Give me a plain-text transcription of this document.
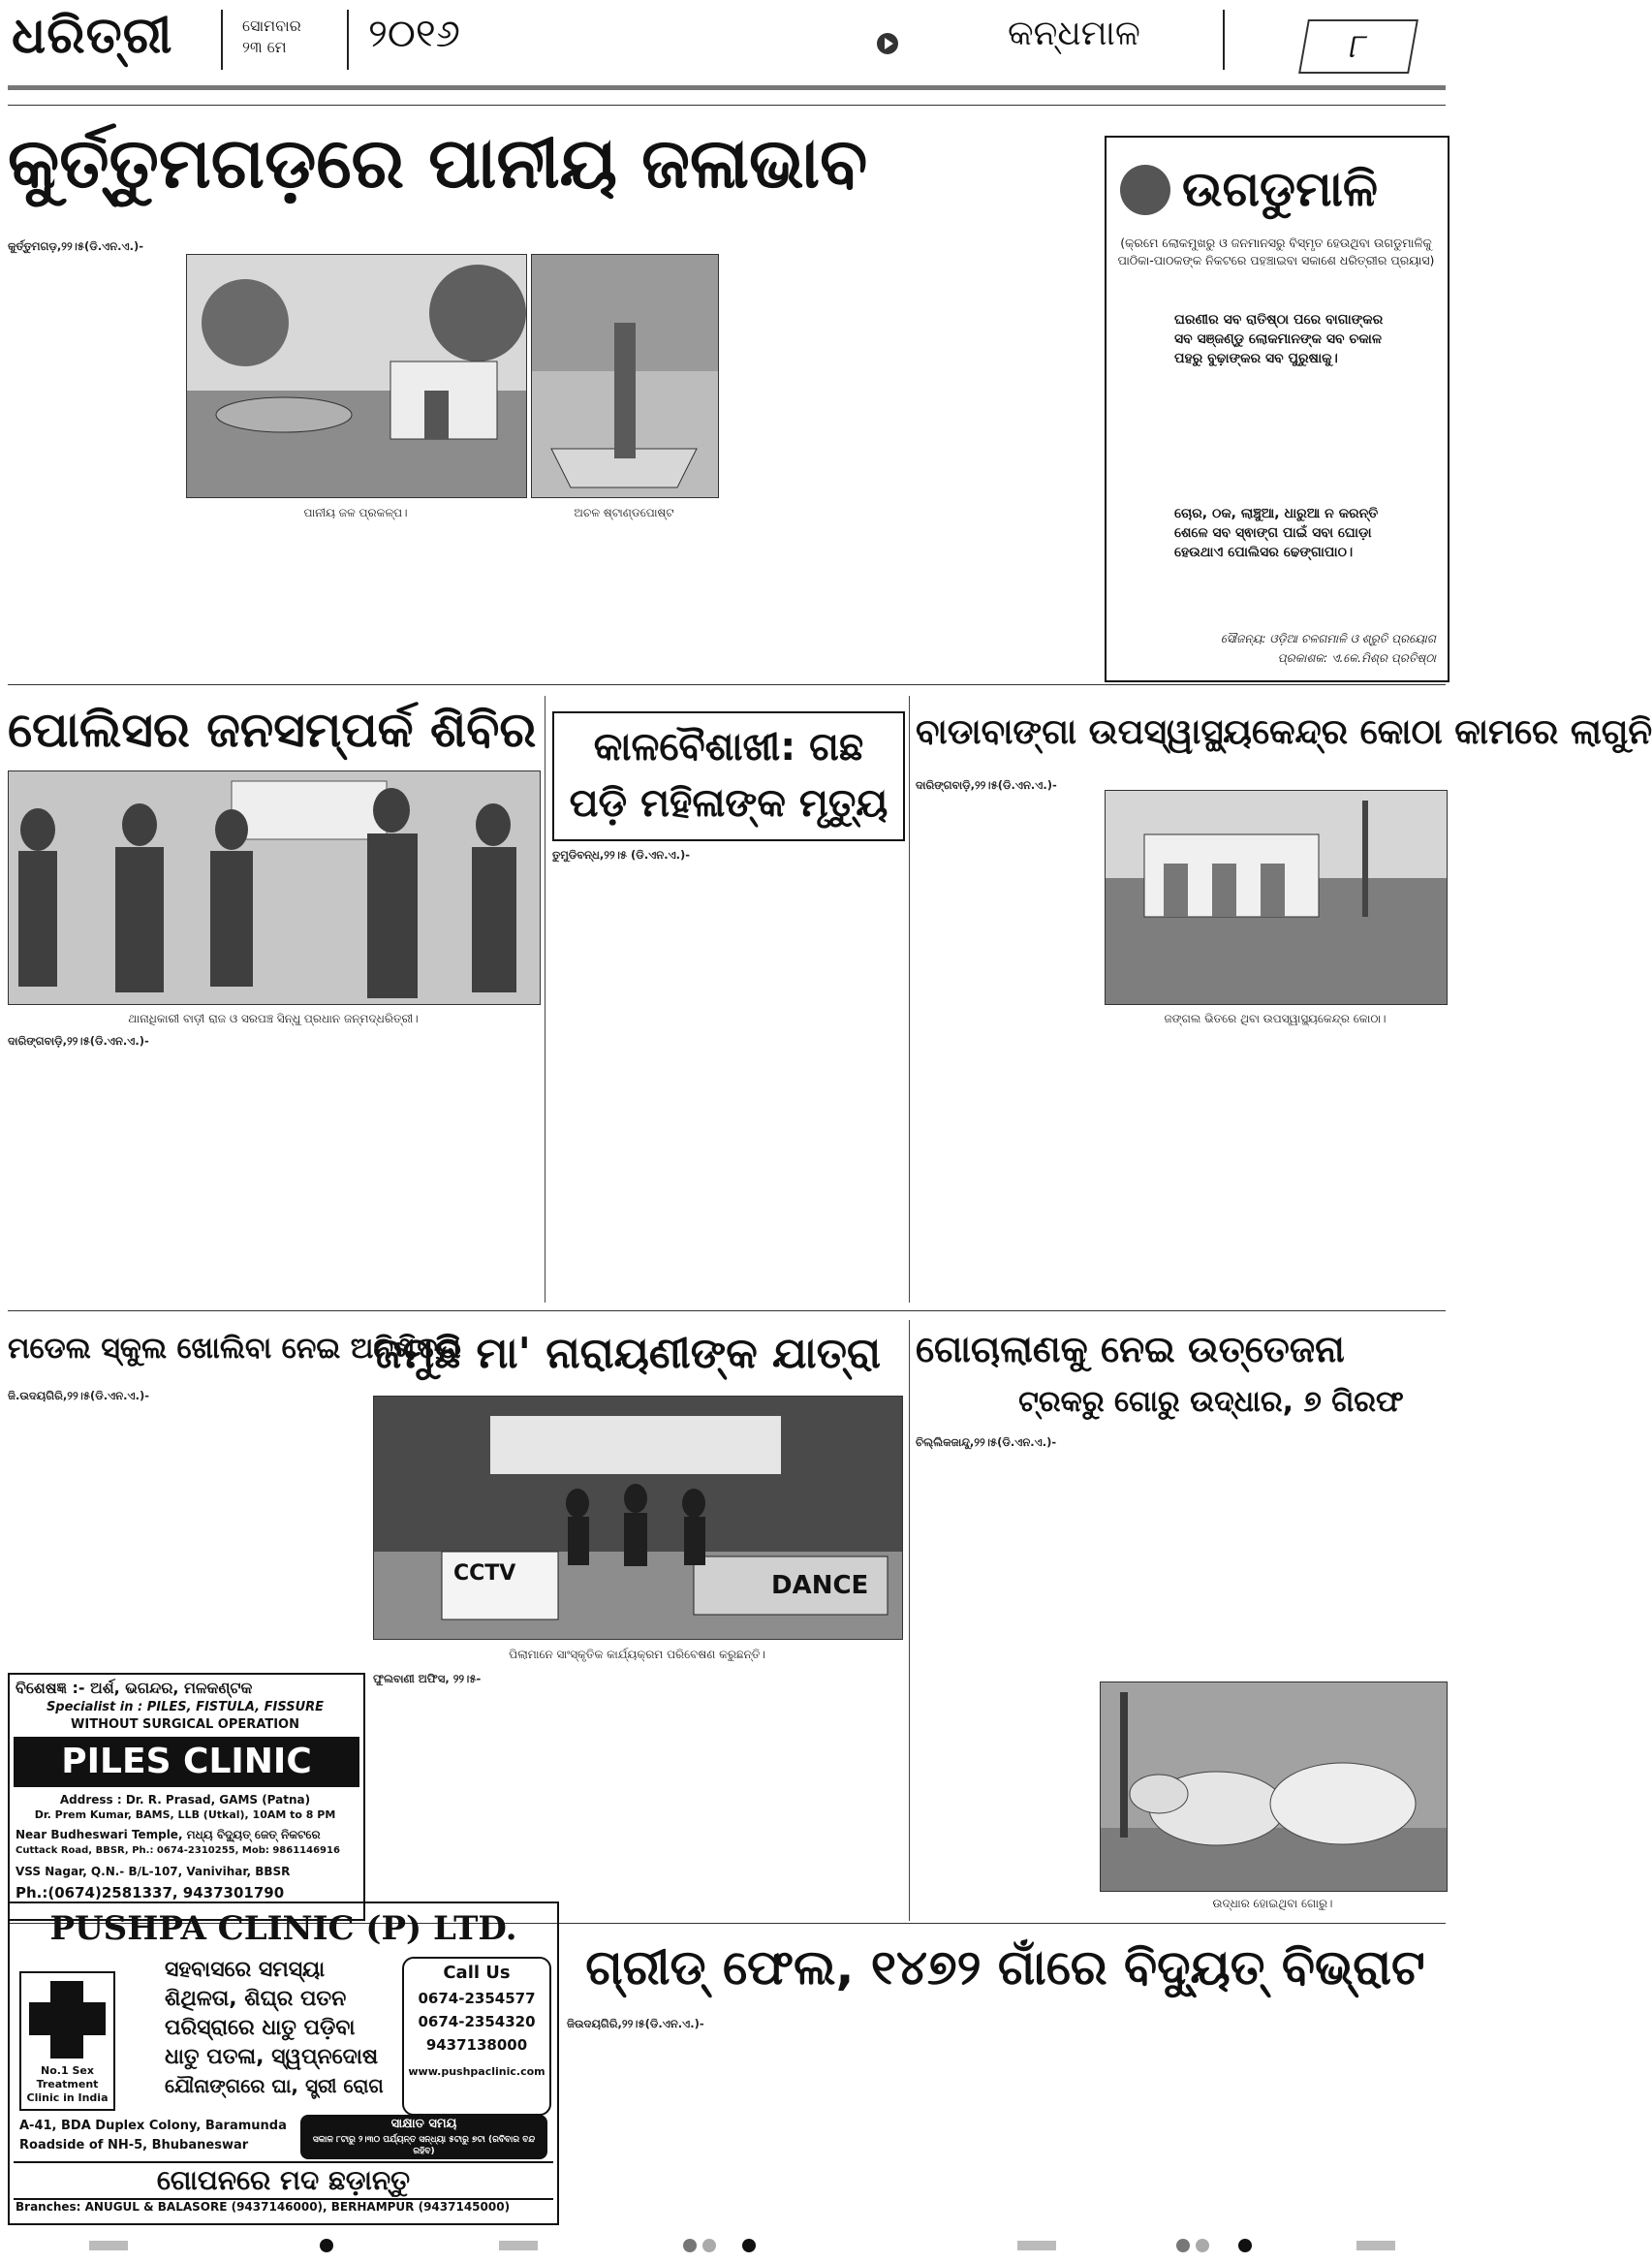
ଧରିତ୍ରୀ	ସୋମବାର
୨୩ ମେ	୨୦୧୬	କନ୍ଧମାଳ	୮
କୁର୍ତ୍ତୁମଗଡ଼ରେ ପାନୀୟ ଜଳାଭାବ
କୁର୍ତ୍ତୁମଗଡ଼,୨୨।୫(ଡି.ଏନ.ଏ.)-
ପାନୀୟ ଜଳ ପ୍ରକଳ୍ପ।	ଅଚଳ ଷ୍ଟାଣ୍ଡପୋଷ୍ଟ
ଉଗଡୁମାଳି
(କ୍ରମେ ଲୋକମୁଖରୁ ଓ ଜନମାନସରୁ ବିସ୍ମୃତ ହେଉଥିବା ଉଗଡୁମାଳିକୁ ପାଠିକା-ପାଠକଙ୍କ ନିକଟରେ ପହଞ୍ଚାଇବା ସକାଶେ ଧରିତ୍ରୀର ପ୍ରୟାସ)
ଘରଣୀର ସବ ରାତିଷ୍ଠା ପରେ ବାଗାଙ୍କର ସବ ସଞ୍ଜଣ୍ଡୁ ଲୋକମାନଙ୍କ ସବ ଚକାଳ ପହରୁ ବୁଢ଼ାଙ୍କର ସବ ପୁରୁଷାକୁ।
ଚୋର, ଠକ, ଲାଞ୍ଚୁଆ, ଧାରୁଆ ନ କରନ୍ତି ଶେଳେ ସବ ସ୍ଵାଙ୍ଗ ପାଇଁ ସବା ଘୋଡ଼ା ହେଉଥାଏ ପୋଲିସର ଢେଙ୍ଗାପାଠ।
ସୌଜନ୍ୟ: ଓଡ଼ିଆ ଚଳଗମାଳି ଓ ଶ୍ରୁତି ପ୍ରୟୋଗ
ପ୍ରକାଶକ: ଏ.କେ.ମିଶ୍ର ପ୍ରତିଷ୍ଠା
ପୋଲିସର ଜନସମ୍ପର୍କ ଶିବିର
ଥାନାଧିକାରୀ ବାଡ଼ୀ ରାଜ ଓ ସରପଞ୍ଚ ସିନ୍ଧୁ ପ୍ରଧାନ ଜନ୍ମଦ୍ଧରିତ୍ରୀ।
ଦାରିଙ୍ଗବାଡ଼ି,୨୨।୫(ଡି.ଏନ.ଏ.)-
କାଳବୈଶାଖୀ: ଗଛ
ପଡ଼ି ମହିଳାଙ୍କ ମୃତ୍ୟୁ
ତୁମୁଡିବନ୍ଧ,୨୨।୫ (ଡି.ଏନ.ଏ.)-
ବାଡାବାଙ୍ଗା ଉପସ୍ୱାସ୍ଥ୍ୟକେନ୍ଦ୍ର କୋଠା କାମରେ ଲାଗୁନି
ଦାରିଙ୍ଗବାଡ଼ି,୨୨।୫(ଡି.ଏନ.ଏ.)-
ଜଙ୍ଗଲ ଭିତରେ ଥିବା ଉପସ୍ୱାସ୍ଥ୍ୟକେନ୍ଦ୍ର କୋଠା।
ମଡେଲ ସ୍କୁଲ ଖୋଲିବା ନେଇ ଅନିଶ୍ଚିତତା
ଜି.ଉଦୟଗିରି,୨୨।୫(ଡି.ଏନ.ଏ.)-
ଜମୁଛି ମା' ନାରାୟଣୀଙ୍କ ଯାତ୍ରା
CCTV	DANCE
ପିଲାମାନେ ସାଂସ୍କୃତିକ କାର୍ଯ୍ୟକ୍ରମ ପରିବେଷଣ କରୁଛନ୍ତି।
ଫୁଲବାଣୀ ଅଫିସ, ୨୨।୫-
ଗୋଚାଲାଣକୁ ନେଇ ଉତ୍ତେଜନା
ଟ୍ରକରୁ ଗୋରୁ ଉଦ୍ଧାର, ୭ ଗିରଫ
ଚିଲ୍ଲିକଜାନ୍ଦୁ,୨୨।୫(ଡି.ଏନ.ଏ.)-
ଉଦ୍ଧାର ହୋଇଥିବା ଗୋରୁ।
ବିଶେଷଜ୍ଞ :- ଅର୍ଶ, ଭଗନ୍ଦର, ମଳକଣ୍ଟକ
Specialist in : PILES, FISTULA, FISSURE
WITHOUT SURGICAL OPERATION
PILES CLINIC
Address : Dr. R. Prasad, GAMS (Patna)
Dr. Prem Kumar, BAMS, LLB (Utkal), 10AM to 8 PM
Near Budheswari Temple, ମଧ୍ୟ ବିଦ୍ୟୁତ୍ ଜେତ୍ ନିକଟରେ
Cuttack Road, BBSR, Ph.: 0674-2310255, Mob: 9861146916
VSS Nagar, Q.N.- B/L-107, Vanivihar, BBSR
Ph.:(0674)2581337, 9437301790
PUSHPA CLINIC (P) LTD.
No.1 Sex Treatment Clinic in India
ସହବାସରେ ସମସ୍ୟା
ଶିଥିଳତା, ଶିଘ୍ର ପତନ
ପରିସ୍ରାରେ ଧାତୁ ପଡ଼ିବା
ଧାତୁ ପତଳା, ସ୍ୱପ୍ନଦୋଷ
ଯୌନାଙ୍ଗରେ ଘା, ସ୍ତ୍ରୀ ରୋଗ
Call Us
0674-2354577
0674-2354320
9437138000
www.pushpaclinic.com
A-41, BDA Duplex Colony, Baramunda
Roadside of NH-5, Bhubaneswar
ସାକ୍ଷାତ ସମୟ
ସକାଳ ୮ଟାରୁ ୨।୩୦ ପର୍ଯ୍ୟନ୍ତ ସନ୍ଧ୍ୟା ୫ଟାରୁ ୭ଟା (ରବିବାର ବନ୍ଦ ରହିବ)
ଗୋପନରେ ମଦ ଛଡ଼ାନ୍ତୁ
Branches: ANUGUL & BALASORE (9437146000), BERHAMPUR (9437145000)
ଗ୍ରୀଡ୍ ଫେଲ, ୧୪୭୨ ଗାଁରେ ବିଦ୍ୟୁତ୍ ବିଭ୍ରାଟ
ଜିଉଦୟଗିରି,୨୨।୫(ଡି.ଏନ.ଏ.)-
